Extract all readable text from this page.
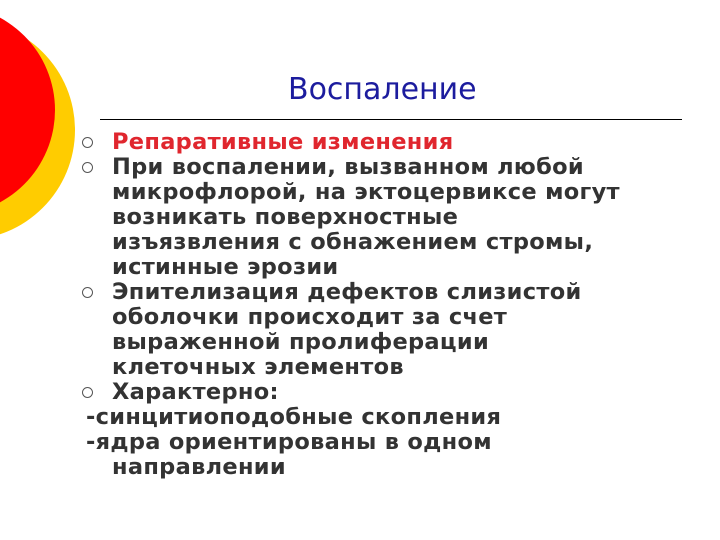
Воспаление
Репаративные изменения
При воспалении, вызванном любой
микрофлорой, на эктоцервиксе могут
возникать поверхностные
изъязвления с обнажением стромы,
истинные эрозии
Эпителизация дефектов слизистой
оболочки происходит за счет
выраженной пролиферации
клеточных элементов
Характерно:
-синцитиоподобные скопления
-ядра ориентированы в одном
направлении
